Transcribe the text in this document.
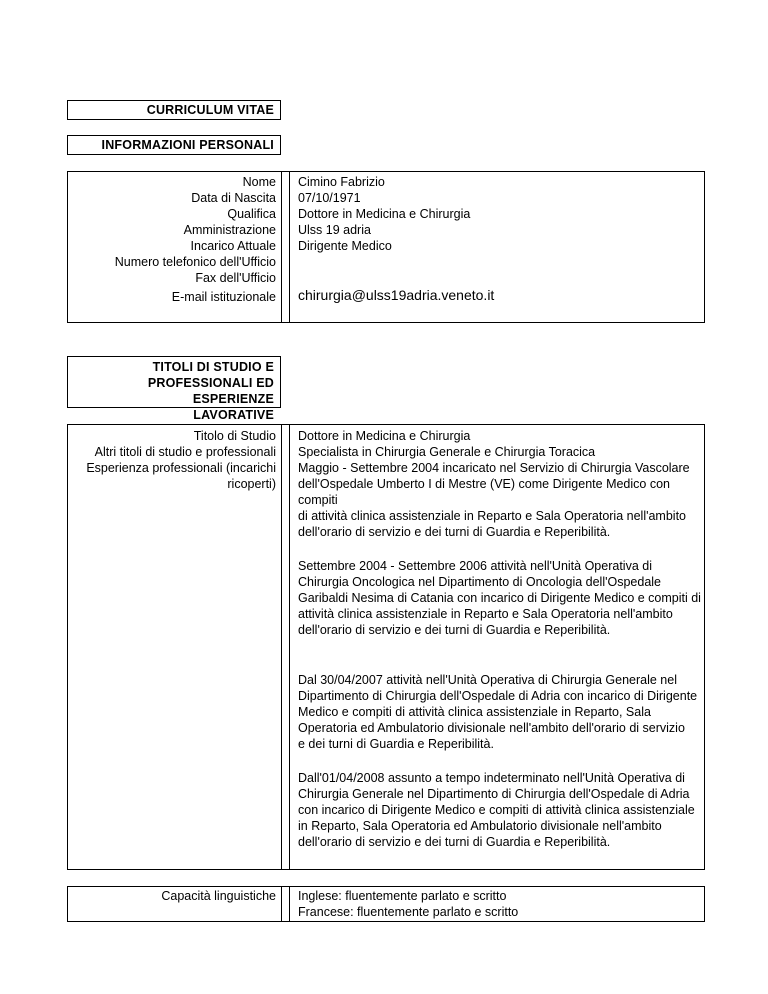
CURRICULUM VITAE
INFORMAZIONI PERSONALI
Nome
Data di Nascita
Qualifica
Amministrazione
Incarico Attuale
Numero telefonico dell'Ufficio
Fax dell'Ufficio
E-mail istituzionale
Cimino Fabrizio
07/10/1971
Dottore in Medicina e Chirurgia
Ulss 19 adria
Dirigente Medico
chirurgia@ulss19adria.veneto.it
TITOLI DI STUDIO E
PROFESSIONALI ED ESPERIENZE
LAVORATIVE
Titolo di Studio
Altri titoli di studio e professionali
Esperienza professionali (incarichi
ricoperti)
Dottore in Medicina e Chirurgia
Specialista in Chirurgia Generale e Chirurgia Toracica
Maggio - Settembre 2004 incaricato nel Servizio di Chirurgia Vascolare
dell'Ospedale Umberto I di Mestre (VE) come Dirigente Medico con compiti
di attività clinica assistenziale in Reparto e Sala Operatoria nell'ambito
dell'orario di servizio e dei turni di Guardia e Reperibilità.
Settembre 2004 - Settembre 2006 attività nell'Unità Operativa di
Chirurgia Oncologica nel Dipartimento di Oncologia dell'Ospedale
Garibaldi Nesima di Catania con incarico di Dirigente Medico e compiti di
attività clinica assistenziale in Reparto e Sala Operatoria nell'ambito
dell'orario di servizio e dei turni di Guardia e Reperibilità.
Dal 30/04/2007 attività nell'Unità Operativa di Chirurgia Generale nel
Dipartimento di Chirurgia dell'Ospedale di Adria con incarico di Dirigente
Medico e compiti di attività clinica assistenziale in Reparto, Sala
Operatoria ed Ambulatorio divisionale nell'ambito dell'orario di servizio
e dei turni di Guardia e Reperibilità.
Dall'01/04/2008 assunto a tempo indeterminato nell'Unità Operativa di
Chirurgia Generale nel Dipartimento di Chirurgia dell'Ospedale di Adria
con incarico di Dirigente Medico e compiti di attività clinica assistenziale
in Reparto, Sala Operatoria ed Ambulatorio divisionale nell'ambito
dell'orario di servizio e dei turni di Guardia e Reperibilità.
Capacità linguistiche Inglese: fluentemente parlato e scritto
Francese: fluentemente parlato e scritto
